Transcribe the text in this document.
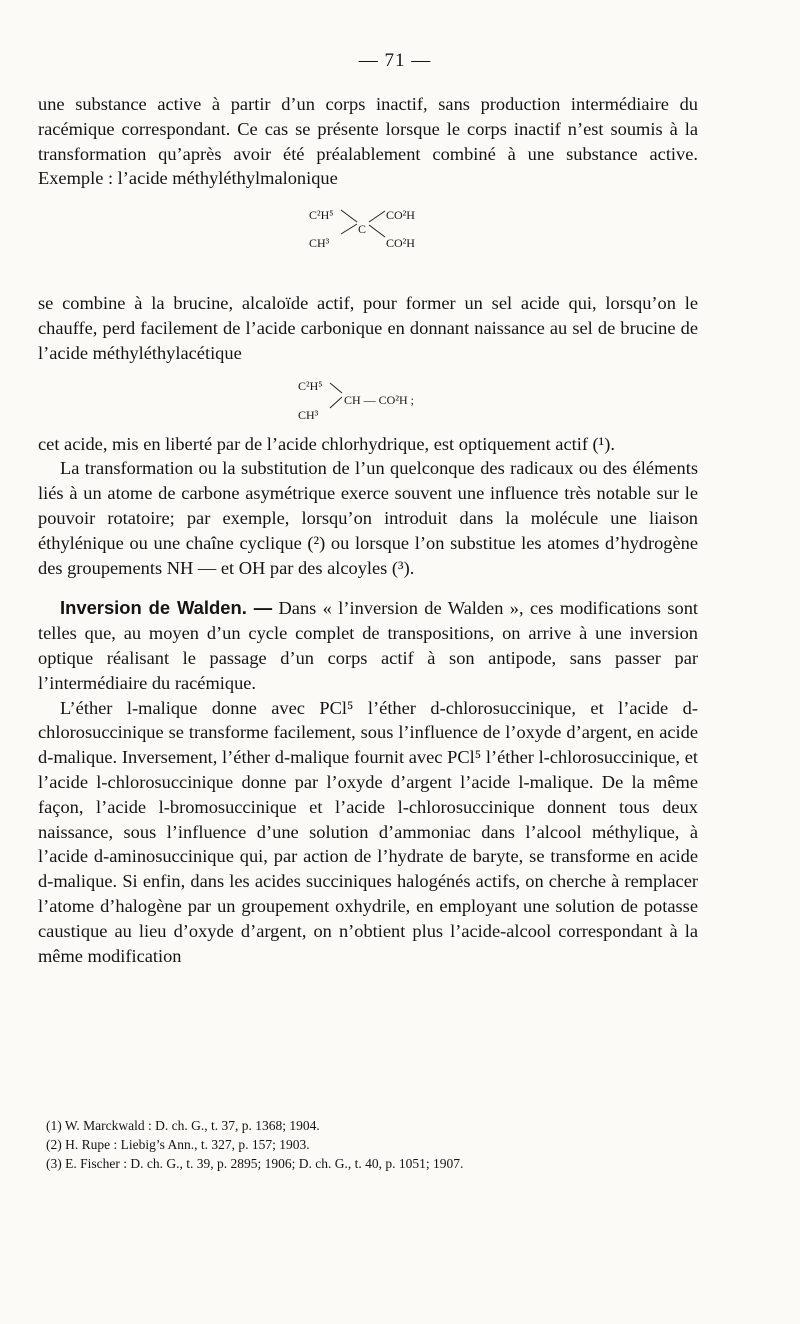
— 71 —

une substance active à partir d’un corps inactif, sans production intermédiaire du racémique correspondant. Ce cas se présente lorsque le corps inactif n’est soumis à la transformation qu’après avoir été préalablement combiné à une substance active. Exemple : l’acide méthyléthylmalonique

C²H⁵
CH³
C
CO²H
CO²H

se combine à la brucine, alcaloïde actif, pour former un sel acide qui, lorsqu’on le chauffe, perd facilement de l’acide carbonique en donnant naissance au sel de brucine de l’acide méthyléthylacétique

C²H⁵
CH³
CH — CO²H ;

cet acide, mis en liberté par de l’acide chlorhydrique, est optiquement actif (¹).

La transformation ou la substitution de l’un quelconque des radicaux ou des éléments liés à un atome de carbone asymétrique exerce souvent une influence très notable sur le pouvoir rotatoire; par exemple, lorsqu’on introduit dans la molécule une liaison éthylénique ou une chaîne cyclique (²) ou lorsque l’on substitue les atomes d’hydrogène des groupements NH — et OH par des alcoyles (³).

Inversion de Walden. — Dans « l’inversion de Walden », ces modifications sont telles que, au moyen d’un cycle complet de transpositions, on arrive à une inversion optique réalisant le passage d’un corps actif à son antipode, sans passer par l’intermédiaire du racémique.

L’éther l-malique donne avec PCl⁵ l’éther d-chlorosuccinique, et l’acide d-chlorosuccinique se transforme facilement, sous l’influence de l’oxyde d’argent, en acide d-malique. Inversement, l’éther d-malique fournit avec PCl⁵ l’éther l-chlorosuccinique, et l’acide l-chlorosuccinique donne par l’oxyde d’argent l’acide l-malique. De la même façon, l’acide l-bromosuccinique et l’acide l-chlorosuccinique donnent tous deux naissance, sous l’influence d’une solution d’ammoniac dans l’alcool méthylique, à l’acide d-aminosuccinique qui, par action de l’hydrate de baryte, se transforme en acide d-malique. Si enfin, dans les acides succiniques halogénés actifs, on cherche à remplacer l’atome d’halogène par un groupement oxhydrile, en employant une solution de potasse caustique au lieu d’oxyde d’argent, on n’obtient plus l’acide-alcool correspondant à la même modification

(1) W. Marckwald : D. ch. G., t. 37, p. 1368; 1904.
(2) H. Rupe : Liebig’s Ann., t. 327, p. 157; 1903.
(3) E. Fischer : D. ch. G., t. 39, p. 2895; 1906; D. ch. G., t. 40, p. 1051; 1907.
